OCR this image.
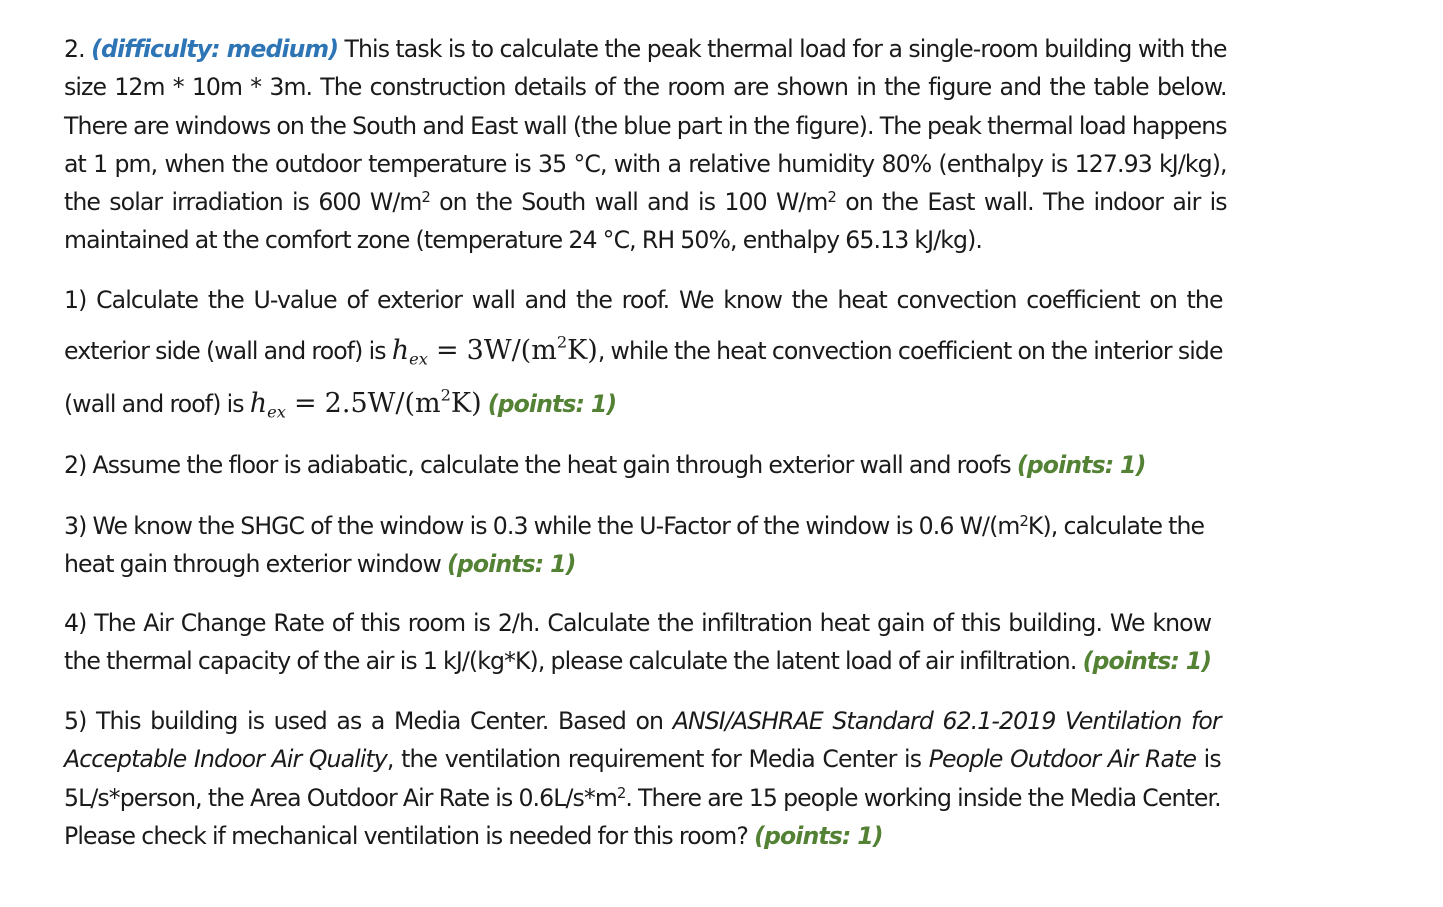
2. (difficulty: medium) This task is to calculate the peak thermal load for a single-room building with the
size 12m * 10m * 3m. The construction details of the room are shown in the figure and the table below.
There are windows on the South and East wall (the blue part in the figure). The peak thermal load happens
at 1 pm, when the outdoor temperature is 35 °C, with a relative humidity 80% (enthalpy is 127.93 kJ/kg),
the solar irradiation is 600 $W/m^2$ on the South wall and is 100 $W/m^2$ on the East wall. The indoor air is
maintained at the comfort zone (temperature 24 °C, RH 50%, enthalpy 65.13 kJ/kg).
1) Calculate the U-value of exterior wall and the roof. We know the heat convection coefficient on the
exterior side (wall and roof) is $h_{ex} = 3W/(m^2K)$, while the heat convection coefficient on the interior side
(wall and roof) is $h_{ex} = 2.5W/(m^2K)$ (points: 1)
2) Assume the floor is adiabatic, calculate the heat gain through exterior wall and roofs (points: 1)
3) We know the SHGC of the window is 0.3 while the U-Factor of the window is 0.6 $W/(m^2K)$, calculate the
heat gain through exterior window (points: 1)
4) The Air Change Rate of this room is 2/h. Calculate the infiltration heat gain of this building. We know
the thermal capacity of the air is 1 kJ/(kg*K), please calculate the latent load of air infiltration. (points: 1)
5) This building is used as a Media Center. Based on ANSI/ASHRAE Standard 62.1-2019 Ventilation for
Acceptable Indoor Air Quality, the ventilation requirement for Media Center is People Outdoor Air Rate is
5L/s*person, the Area Outdoor Air Rate is $0.6L/s*m^2$. There are 15 people working inside the Media Center.
Please check if mechanical ventilation is needed for this room? (points: 1)
